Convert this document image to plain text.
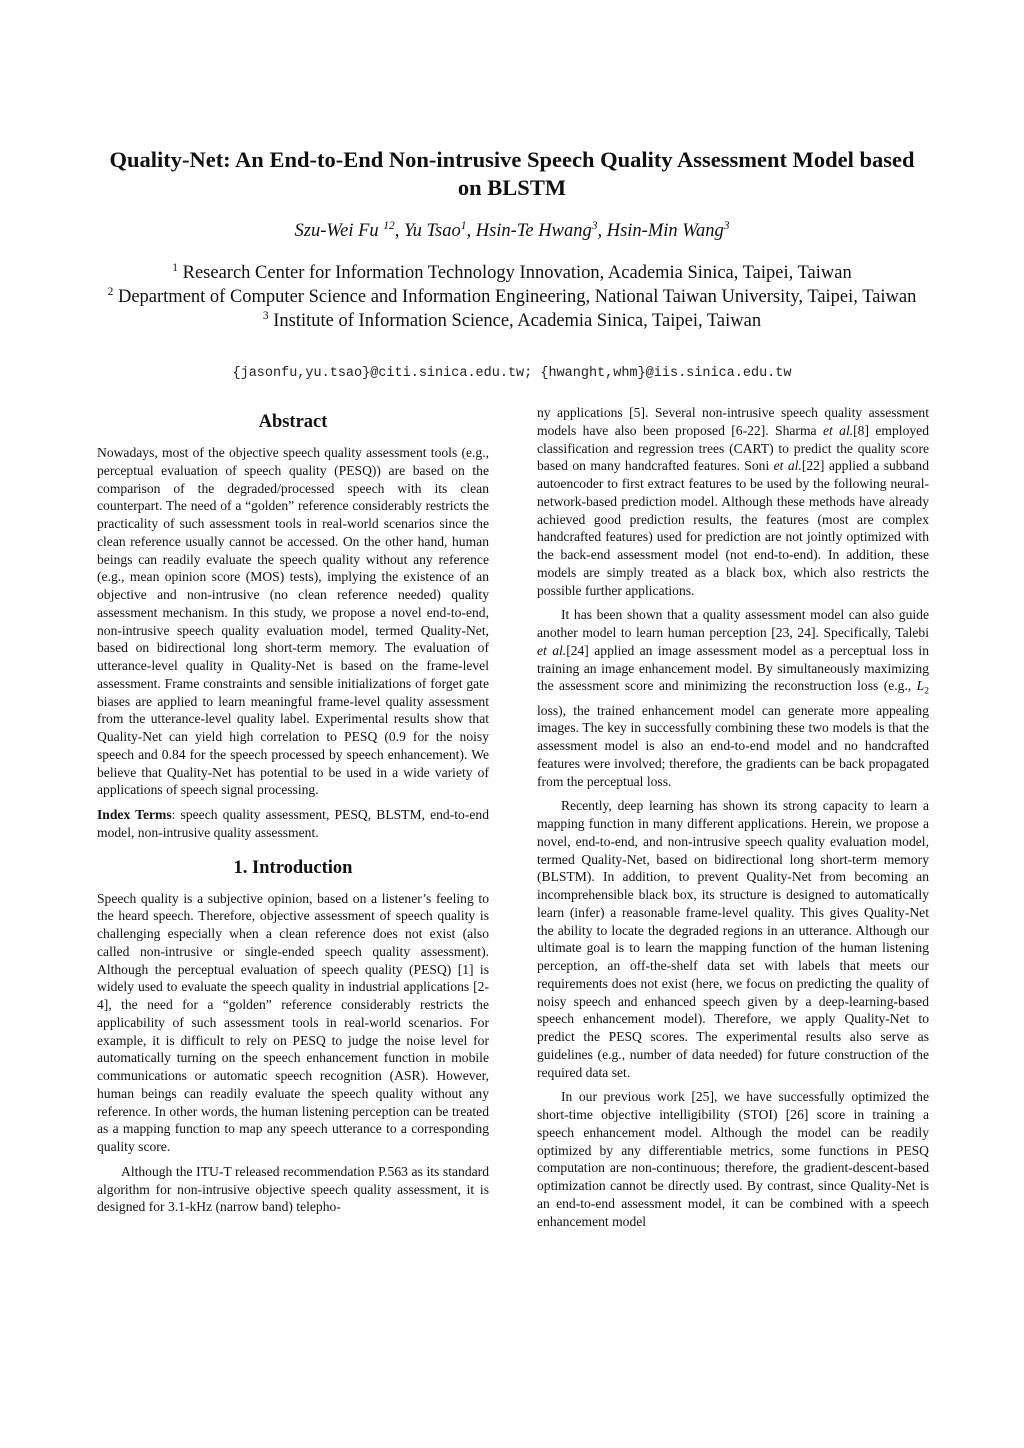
Quality-Net: An End-to-End Non-intrusive Speech Quality Assessment Model based on BLSTM
Szu-Wei Fu $^{12}$, Yu Tsao$^1$, Hsin-Te Hwang$^3$, Hsin-Min Wang$^3$
$^1$ Research Center for Information Technology Innovation, Academia Sinica, Taipei, Taiwan
$^2$ Department of Computer Science and Information Engineering, National Taiwan University, Taipei, Taiwan
$^3$ Institute of Information Science, Academia Sinica, Taipei, Taiwan
{jasonfu,yu.tsao}@citi.sinica.edu.tw; {hwanght,whm}@iis.sinica.edu.tw
Abstract

Nowadays, most of the objective speech quality assessment tools (e.g., perceptual evaluation of speech quality (PESQ)) are based on the comparison of the degraded/processed speech with its clean counterpart. The need of a “golden” reference considerably restricts the practicality of such assessment tools in real-world scenarios since the clean reference usually cannot be accessed. On the other hand, human beings can readily evaluate the speech quality without any reference (e.g., mean opinion score (MOS) tests), implying the existence of an objective and non-intrusive (no clean reference needed) quality assessment mechanism. In this study, we propose a novel end-to-end, non-intrusive speech quality evaluation model, termed Quality-Net, based on bidirectional long short-term memory. The evaluation of utterance-level quality in Quality-Net is based on the frame-level assessment. Frame constraints and sensible initializations of forget gate biases are applied to learn meaningful frame-level quality assessment from the utterance-level quality label. Experimental results show that Quality-Net can yield high correlation to PESQ (0.9 for the noisy speech and 0.84 for the speech processed by speech enhancement). We believe that Quality-Net has potential to be used in a wide variety of applications of speech signal processing.

Index Terms: speech quality assessment, PESQ, BLSTM, end-to-end model, non-intrusive quality assessment.

1. Introduction

Speech quality is a subjective opinion, based on a listener’s feeling to the heard speech. Therefore, objective assessment of speech quality is challenging especially when a clean reference does not exist (also called non-intrusive or single-ended speech quality assessment). Although the perceptual evaluation of speech quality (PESQ) [1] is widely used to evaluate the speech quality in industrial applications [2-4], the need for a “golden” reference considerably restricts the applicability of such assessment tools in real-world scenarios. For example, it is difficult to rely on PESQ to judge the noise level for automatically turning on the speech enhancement function in mobile communications or automatic speech recognition (ASR). However, human beings can readily evaluate the speech quality without any reference. In other words, the human listening perception can be treated as a mapping function to map any speech utterance to a corresponding quality score.

Although the ITU-T released recommendation P.563 as its standard algorithm for non-intrusive objective speech quality assessment, it is designed for 3.1-kHz (narrow band) telepho-

ny applications [5]. Several non-intrusive speech quality assessment models have also been proposed [6-22]. Sharma et al.[8] employed classification and regression trees (CART) to predict the quality score based on many handcrafted features. Soni et al.[22] applied a subband autoencoder to first extract features to be used by the following neural-network-based prediction model. Although these methods have already achieved good prediction results, the features (most are complex handcrafted features) used for prediction are not jointly optimized with the back-end assessment model (not end-to-end). In addition, these models are simply treated as a black box, which also restricts the possible further applications.

It has been shown that a quality assessment model can also guide another model to learn human perception [23, 24]. Specifically, Talebi et al.[24] applied an image assessment model as a perceptual loss in training an image enhancement model. By simultaneously maximizing the assessment score and minimizing the reconstruction loss (e.g., $L_2$ loss), the trained enhancement model can generate more appealing images. The key in successfully combining these two models is that the assessment model is also an end-to-end model and no handcrafted features were involved; therefore, the gradients can be back propagated from the perceptual loss.

Recently, deep learning has shown its strong capacity to learn a mapping function in many different applications. Herein, we propose a novel, end-to-end, and non-intrusive speech quality evaluation model, termed Quality-Net, based on bidirectional long short-term memory (BLSTM). In addition, to prevent Quality-Net from becoming an incomprehensible black box, its structure is designed to automatically learn (infer) a reasonable frame-level quality. This gives Quality-Net the ability to locate the degraded regions in an utterance. Although our ultimate goal is to learn the mapping function of the human listening perception, an off-the-shelf data set with labels that meets our requirements does not exist (here, we focus on predicting the quality of noisy speech and enhanced speech given by a deep-learning-based speech enhancement model). Therefore, we apply Quality-Net to predict the PESQ scores. The experimental results also serve as guidelines (e.g., number of data needed) for future construction of the required data set.

In our previous work [25], we have successfully optimized the short-time objective intelligibility (STOI) [26] score in training a speech enhancement model. Although the model can be readily optimized by any differentiable metrics, some functions in PESQ computation are non-continuous; therefore, the gradient-descent-based optimization cannot be directly used. By contrast, since Quality-Net is an end-to-end assessment model, it can be combined with a speech enhancement model
